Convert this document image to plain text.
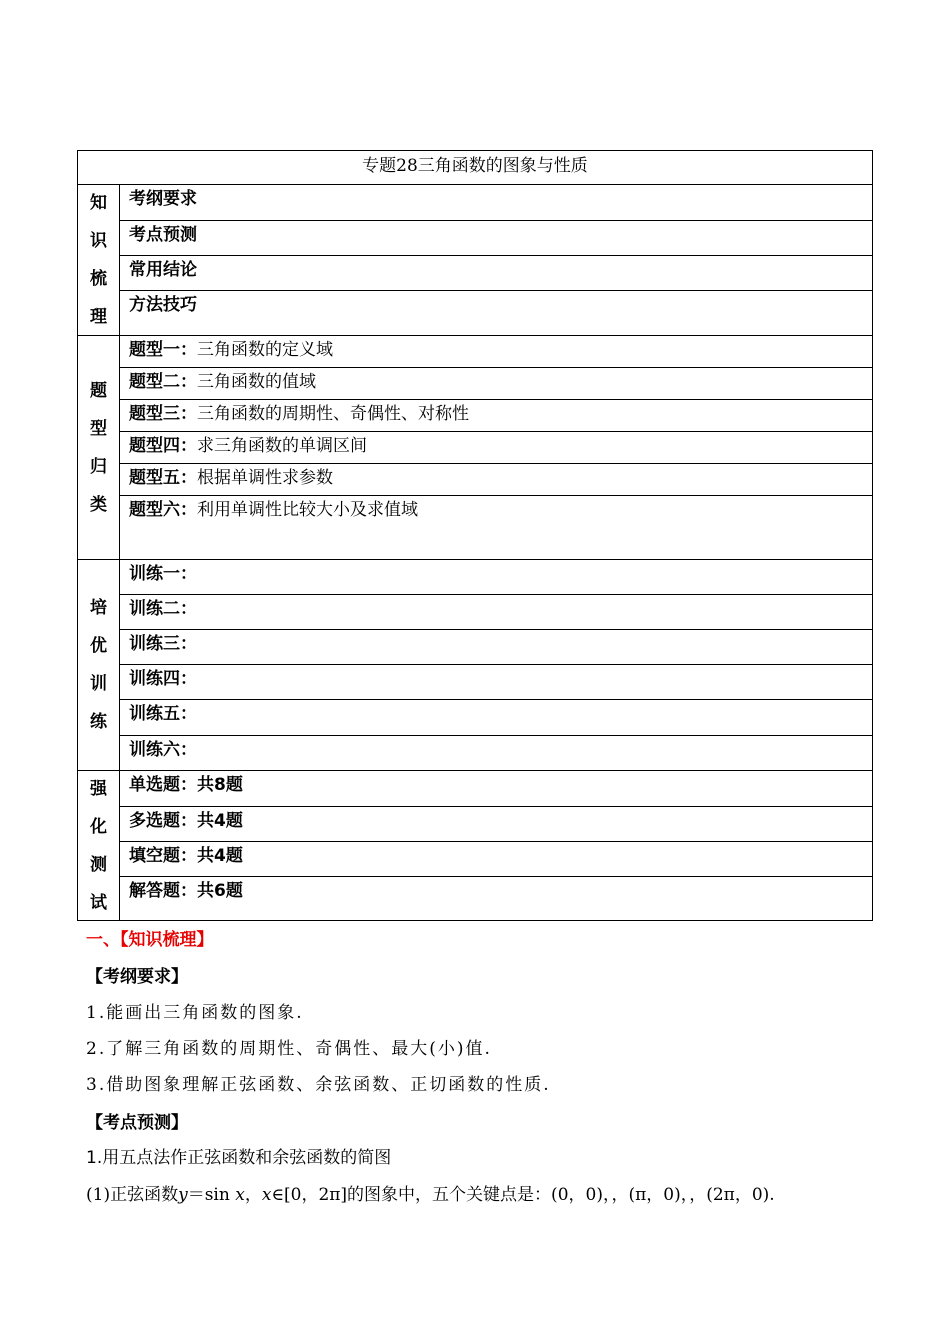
专题28三角函数的图象与性质
知
识
梳
理
考纲要求
考点预测
常用结论
方法技巧
题
型
归
类
题型一：三角函数的定义域
题型二：三角函数的值域
题型三：三角函数的周期性、奇偶性、对称性
题型四：求三角函数的单调区间
题型五：根据单调性求参数
题型六：利用单调性比较大小及求值域
培
优
训
练
训练一：
训练二：
训练三：
训练四：
训练五：
训练六：
强
化
测
试
单选题：共8题
多选题：共4题
填空题：共4题
解答题：共6题
一、【知识梳理】
【考纲要求】
1.能画出三角函数的图象.
2.了解三角函数的周期性、奇偶性、最大(小)值.
3.借助图象理解正弦函数、余弦函数、正切函数的性质.
【考点预测】
1.用五点法作正弦函数和余弦函数的简图
(1)正弦函数y＝sin x，x∈[0，2π]的图象中，五个关键点是：(0，0)，，(π，0)，，(2π，0).
